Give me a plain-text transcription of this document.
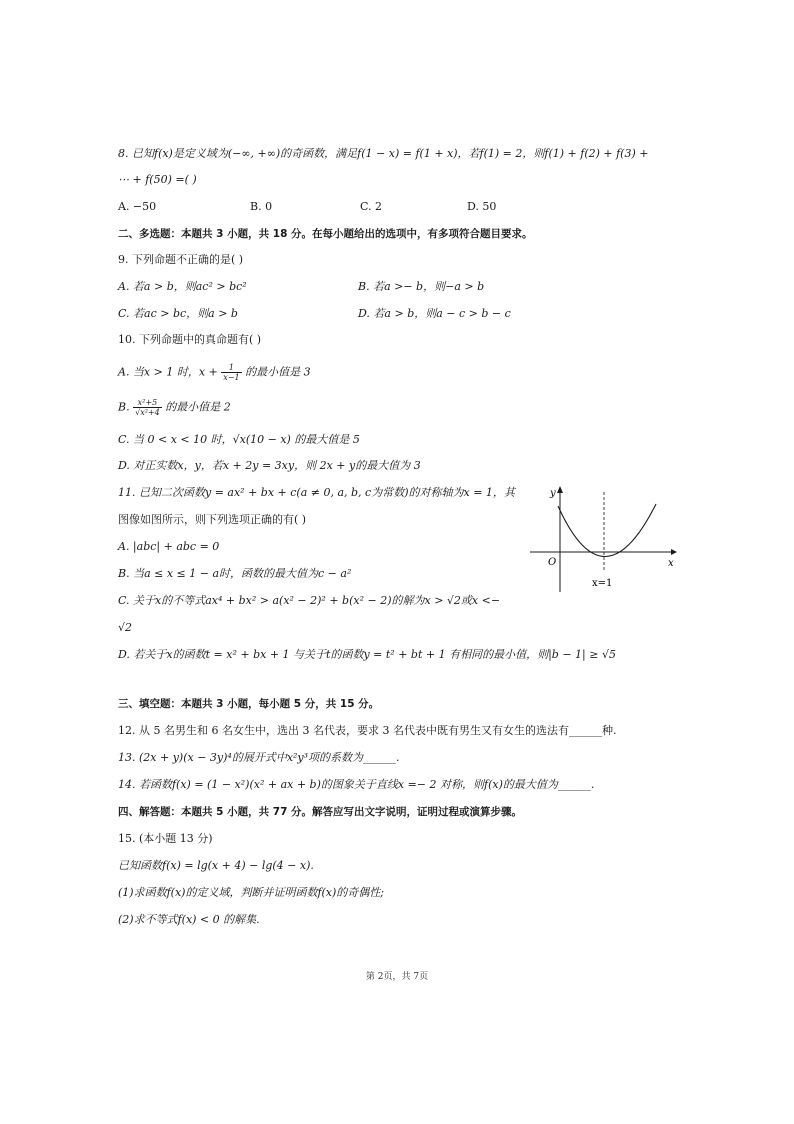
8. 已知f(x)是定义域为(−∞, +∞)的奇函数，满足f(1 − x) = f(1 + x)，若f(1) = 2，则f(1) + f(2) + f(3) +
⋯ + f(50) =( )
A. −50	B. 0	C. 2	D. 50
二、多选题：本题共 3 小题，共 18 分。在每小题给出的选项中，有多项符合题目要求。
9. 下列命题不正确的是( )
A. 若a > b，则ac² > bc²	B. 若a >− b，则−a > b
C. 若ac > bc，则a > b	D. 若a > b，则a − c > b − c
10. 下列命题中的真命题有( )
A. 当x > 1 时，$x + \frac{1}{x-1}$ 的最小值是 3
B. $\frac{\text{x²+5}}{\text{√x²+4}}$ 的最小值是 2
C. 当 0 < x < 10 时，√x(10 − x) 的最大值是 5
D. 对正实数x，y，若x + 2y = 3xy，则 2x + y的最大值为 3
11. 已知二次函数y = ax² + bx + c(a ≠ 0, a, b, c为常数)的对称轴为x = 1，其
图像如图所示，则下列选项正确的有( )
A. |abc| + abc = 0
B. 当a ≤ x ≤ 1 − a时，函数的最大值为c − a²
C. 关于x的不等式ax⁴ + bx² > a(x² − 2)² + b(x² − 2)的解为x > √2或x <−
√2
D. 若关于x的函数t = x² + bx + 1 与关于t的函数y = t² + bt + 1 有相同的最小值，则|b − 1| ≥ √5
y
x
O
x=1
三、填空题：本题共 3 小题，每小题 5 分，共 15 分。
12. 从 5 名男生和 6 名女生中，选出 3 名代表，要求 3 名代表中既有男生又有女生的选法有______种.
13. (2x + y)(x − 3y)⁴的展开式中x²y³项的系数为______.
14. 若函数f(x) = (1 − x²)(x² + ax + b)的图象关于直线x =− 2 对称，则f(x)的最大值为______.
四、解答题：本题共 5 小题，共 77 分。解答应写出文字说明，证明过程或演算步骤。
15. (本小题 13 分)
已知函数f(x) = lg(x + 4) − lg(4 − x).
(1)求函数f(x)的定义域，判断并证明函数f(x)的奇偶性;
(2)求不等式f(x) < 0 的解集.
第 2页，共 7页
